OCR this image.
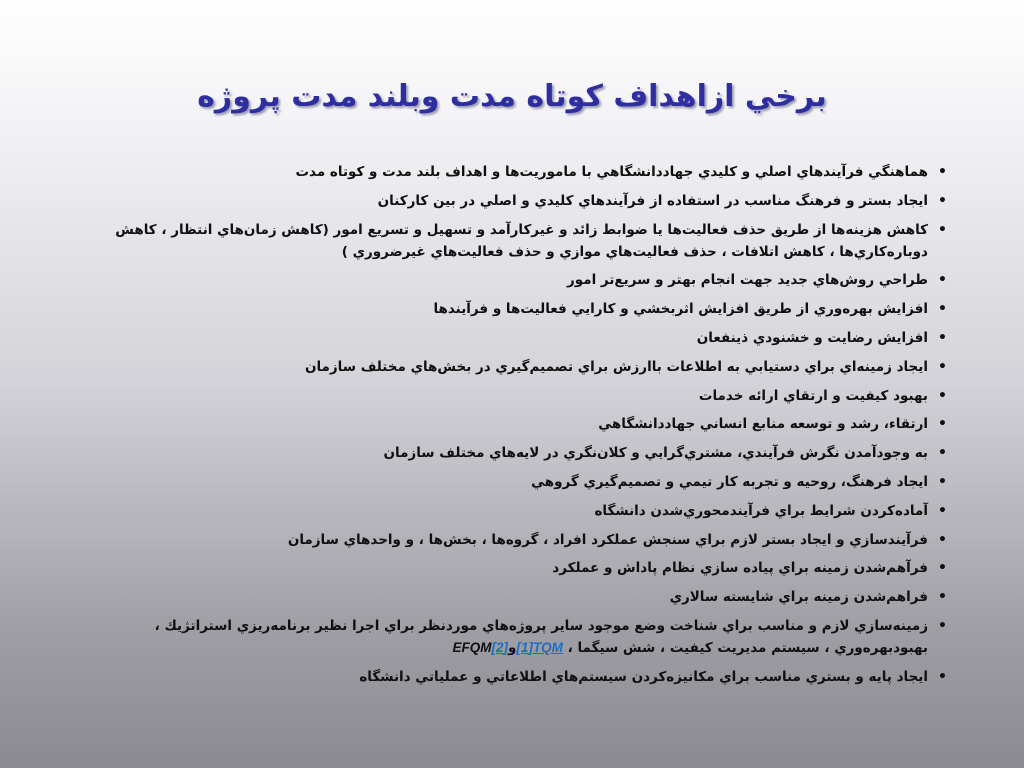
برخي ازاهداف كوتاه مدت وبلند مدت پروژه
•
هماهنگي فرآيندهاي اصلي و كليدي جهاددانشگاهي با ماموريت‌ها و اهداف بلند مدت و كوتاه مدت
•
ايجاد بستر و فرهنگ مناسب در استفاده از فرآيندهاي كليدي و اصلي در بين كاركنان
•
كاهش هزينه‌ها از طريق حذف فعاليت‌ها يا ضوابط زائد و غيركارآمد و تسهيل و تسريع امور (كاهش زمان‌هاي انتظار ، كاهش دوباره‌كاري‌ها ، كاهش اتلافات ، حذف فعاليت‌هاي موازي و حذف فعاليت‌هاي غيرضروري )
•
طراحي روش‌هاي جديد جهت انجام بهتر و سريع‌تر امور
•
افزايش بهره‌وري از طريق افزايش اثربخشي و كارايي فعاليت‌ها و فرآيندها
•
افزايش رضايت و خشنودي ذينفعان
•
ايجاد زمينه‌اي براي دستيابي به اطلاعات باارزش براي تصميم‌گيري در بخش‌هاي مختلف سازمان
•
بهبود كيفيت و ارتقاي ارائه خدمات
•
ارتقاء، رشد و توسعه منابع انساني جهاددانشگاهي
•
به وجودآمدن نگرش فرآيندي، مشتري‌گرايي و كلان‌نگري در لايه‌هاي مختلف سازمان
•
ايجاد فرهنگ، روحيه و تجربه كار تيمي و تصميم‌گيري گروهي
•
آماده‌كردن شرايط براي فرآيندمحوري‌شدن دانشگاه
•
فرآيندسازي و ايجاد بستر لازم براي سنجش عملكرد افراد ، گروه‌ها ، بخش‌ها ، و واحدهاي سازمان
•
فرآهم‌شدن زمينه براي پياده سازي نظام پاداش و عملكرد
•
فراهم‌شدن زمينه براي شايسته سالاري
•
زمينه‌سازي لازم و مناسب براي شناخت وضع موجود ساير پروژه‌هاي موردنظر براي اجرا نظير برنامه‌ريزي استراتژيك ، بهبودبهره‌وري ، سيستم مديريت كيفيت ، شش سيگما ، TQM[1]و[2]EFQM
•
ايجاد پايه و بستري مناسب براي مكانيزه‌كردن سيستم‌هاي اطلاعاتي و عملياتي دانشگاه
